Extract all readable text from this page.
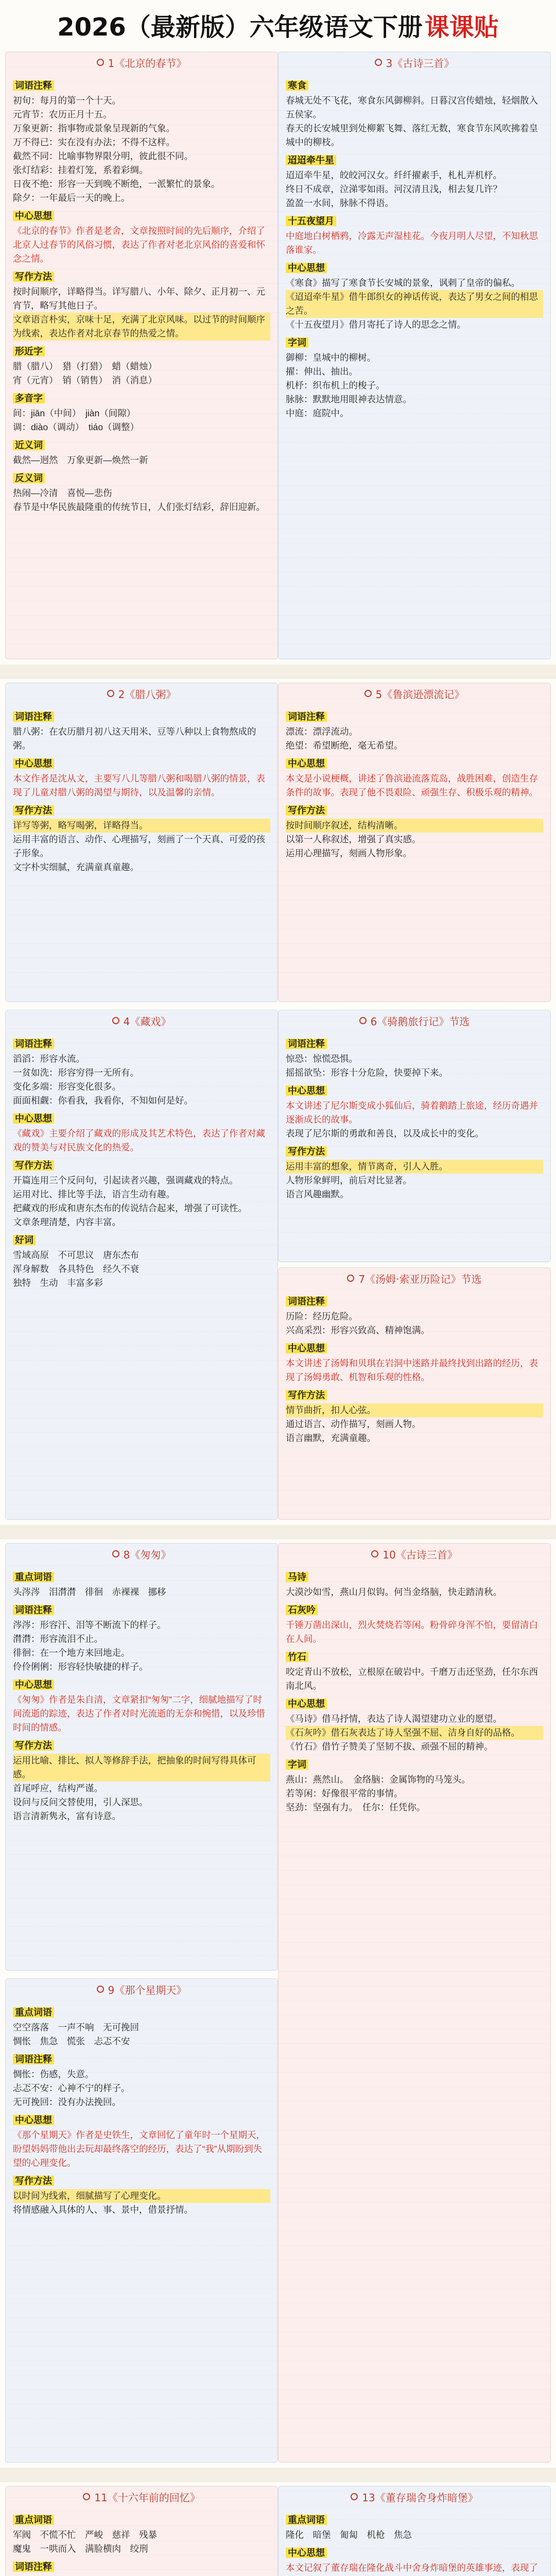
2026（最新版）六年级语文下册 课课贴
1《北京的春节》
词语注释
初旬：每月的第一个十天。
元宵节：农历正月十五。
万象更新：指事物或景象呈现新的气象。
万不得已：实在没有办法；不得不这样。
截然不同：比喻事物界限分明，彼此很不同。
张灯结彩：挂着灯笼，系着彩绸。
日夜不绝：形容一天到晚不断绝，一派繁忙的景象。
除夕：一年最后一天的晚上。
中心思想
《北京的春节》作者是老舍，文章按照时间的先后顺序，介绍了北京人过春节的风俗习惯，表达了作者对老北京风俗的喜爱和怀念之情。
写作方法
按时间顺序，详略得当。详写腊八、小年、除夕、正月初一、元宵节，略写其他日子。
文章语言朴实，京味十足，充满了北京风味。以过节的时间顺序为线索，表达作者对北京春节的热爱之情。
形近字
腊（腊八）　猎（打猎）　蜡（蜡烛）
宵（元宵）　销（销售）　消（消息）
多音字
间：jiān（中间）　jiàn（间隙）
调：diào（调动）　tiáo（调整）
近义词
截然—迥然　万象更新—焕然一新
反义词
热闹—冷清　喜悦—悲伤
春节是中华民族最隆重的传统节日，人们张灯结彩，辞旧迎新。
2《腊八粥》
词语注释
腊八粥：在农历腊月初八这天用米、豆等八种以上食物熬成的粥。
中心思想
本文作者是沈从文，主要写八儿等腊八粥和喝腊八粥的情景，表现了儿童对腊八粥的渴望与期待，以及温馨的亲情。
写作方法
详写等粥，略写喝粥，详略得当。
运用丰富的语言、动作、心理描写，刻画了一个天真、可爱的孩子形象。
文字朴实细腻，充满童真童趣。
3《古诗三首》
寒食
春城无处不飞花，寒食东风御柳斜。日暮汉宫传蜡烛，轻烟散入五侯家。
春天的长安城里到处柳絮飞舞、落红无数，寒食节东风吹拂着皇城中的柳枝。
迢迢牵牛星
迢迢牵牛星，皎皎河汉女。纤纤擢素手，札札弄机杼。
终日不成章，泣涕零如雨。河汉清且浅，相去复几许？
盈盈一水间，脉脉不得语。
十五夜望月
中庭地白树栖鸦，冷露无声湿桂花。今夜月明人尽望，不知秋思落谁家。
中心思想
《寒食》描写了寒食节长安城的景象，讽刺了皇帝的偏私。
《迢迢牵牛星》借牛郎织女的神话传说，表达了男女之间的相思之苦。
《十五夜望月》借月寄托了诗人的思念之情。
字词
御柳：皇城中的柳树。
擢：伸出、抽出。
机杼：织布机上的梭子。
脉脉：默默地用眼神表达情意。
中庭：庭院中。
4《藏戏》
词语注释
滔滔：形容水流。
一贫如洗：形容穷得一无所有。
变化多端：形容变化很多。
面面相觑：你看我，我看你，不知如何是好。
中心思想
《藏戏》主要介绍了藏戏的形成及其艺术特色，表达了作者对藏戏的赞美与对民族文化的热爱。
写作方法
开篇连用三个反问句，引起读者兴趣，强调藏戏的特点。
运用对比、排比等手法，语言生动有趣。
把藏戏的形成和唐东杰布的传说结合起来，增强了可读性。
文章条理清楚，内容丰富。
好词
雪域高原　不可思议　唐东杰布
浑身解数　各具特色　经久不衰
独特　生动　丰富多彩
5《鲁滨逊漂流记》
词语注释
漂流：漂浮流动。
绝望：希望断绝，毫无希望。
中心思想
本文是小说梗概，讲述了鲁滨逊流落荒岛，战胜困难，创造生存条件的故事。表现了他不畏艰险、顽强生存、积极乐观的精神。
写作方法
按时间顺序叙述，结构清晰。
以第一人称叙述，增强了真实感。
运用心理描写，刻画人物形象。
6《骑鹅旅行记》节选
词语注释
惊恐：惊慌恐惧。
摇摇欲坠：形容十分危险，快要掉下来。
中心思想
本文讲述了尼尔斯变成小狐仙后，骑着鹅踏上旅途，经历奇遇并逐渐成长的故事。
表现了尼尔斯的勇敢和善良，以及成长中的变化。
写作方法
运用丰富的想象，情节离奇，引人入胜。
人物形象鲜明，前后对比显著。
语言风趣幽默。
7《汤姆·索亚历险记》节选
词语注释
历险：经历危险。
兴高采烈：形容兴致高、精神饱满。
中心思想
本文讲述了汤姆和贝琪在岩洞中迷路并最终找到出路的经历，表现了汤姆勇敢、机智和乐观的性格。
写作方法
情节曲折，扣人心弦。
通过语言、动作描写，刻画人物。
语言幽默，充满童趣。
8《匆匆》
重点词语
头涔涔　泪潸潸　徘徊　赤裸裸　挪移
词语注释
涔涔：形容汗、泪等不断流下的样子。
潸潸：形容流泪不止。
徘徊：在一个地方来回地走。
伶伶俐俐：形容轻快敏捷的样子。
中心思想
《匆匆》作者是朱自清，文章紧扣“匆匆”二字，细腻地描写了时间流逝的踪迹，表达了作者对时光流逝的无奈和惋惜，以及珍惜时间的情感。
写作方法
运用比喻、排比、拟人等修辞手法，把抽象的时间写得具体可感。
首尾呼应，结构严谨。
设问与反问交替使用，引人深思。
语言清新隽永，富有诗意。
9《那个星期天》
重点词语
空空落落　一声不响　无可挽回
惆怅　焦急　慌张　忐忑不安
词语注释
惆怅：伤感，失意。
忐忑不安：心神不宁的样子。
无可挽回：没有办法挽回。
中心思想
《那个星期天》作者是史铁生，文章回忆了童年时一个星期天，盼望妈妈带他出去玩却最终落空的经历，表达了“我”从期盼到失望的心理变化。
写作方法
以时间为线索，细腻描写了心理变化。
将情感融入具体的人、事、景中，借景抒情。
10《古诗三首》
马诗
大漠沙如雪，燕山月似钩。何当金络脑，快走踏清秋。
石灰吟
千锤万凿出深山，烈火焚烧若等闲。粉骨碎身浑不怕，要留清白在人间。
竹石
咬定青山不放松，立根原在破岩中。千磨万击还坚劲，任尔东西南北风。
中心思想
《马诗》借马抒情，表达了诗人渴望建功立业的愿望。
《石灰吟》借石灰表达了诗人坚强不屈、洁身自好的品格。
《竹石》借竹子赞美了坚韧不拔、顽强不屈的精神。
字词
燕山：燕然山。　金络脑：金属饰物的马笼头。
若等闲：好像很平常的事情。
坚劲：坚强有力。　任尔：任凭你。
11《十六年前的回忆》
重点词语
军阀　不慌不忙　严峻　慈祥　残暴
魔鬼　一哄而入　满脸横肉　绞刑
词语注释
13《董存瑞舍身炸暗堡》
重点词语
隆化　暗堡　匍匐　机枪　焦急
中心思想
本文记叙了董存瑞在隆化战斗中舍身炸暗堡的英雄事迹，表现了
